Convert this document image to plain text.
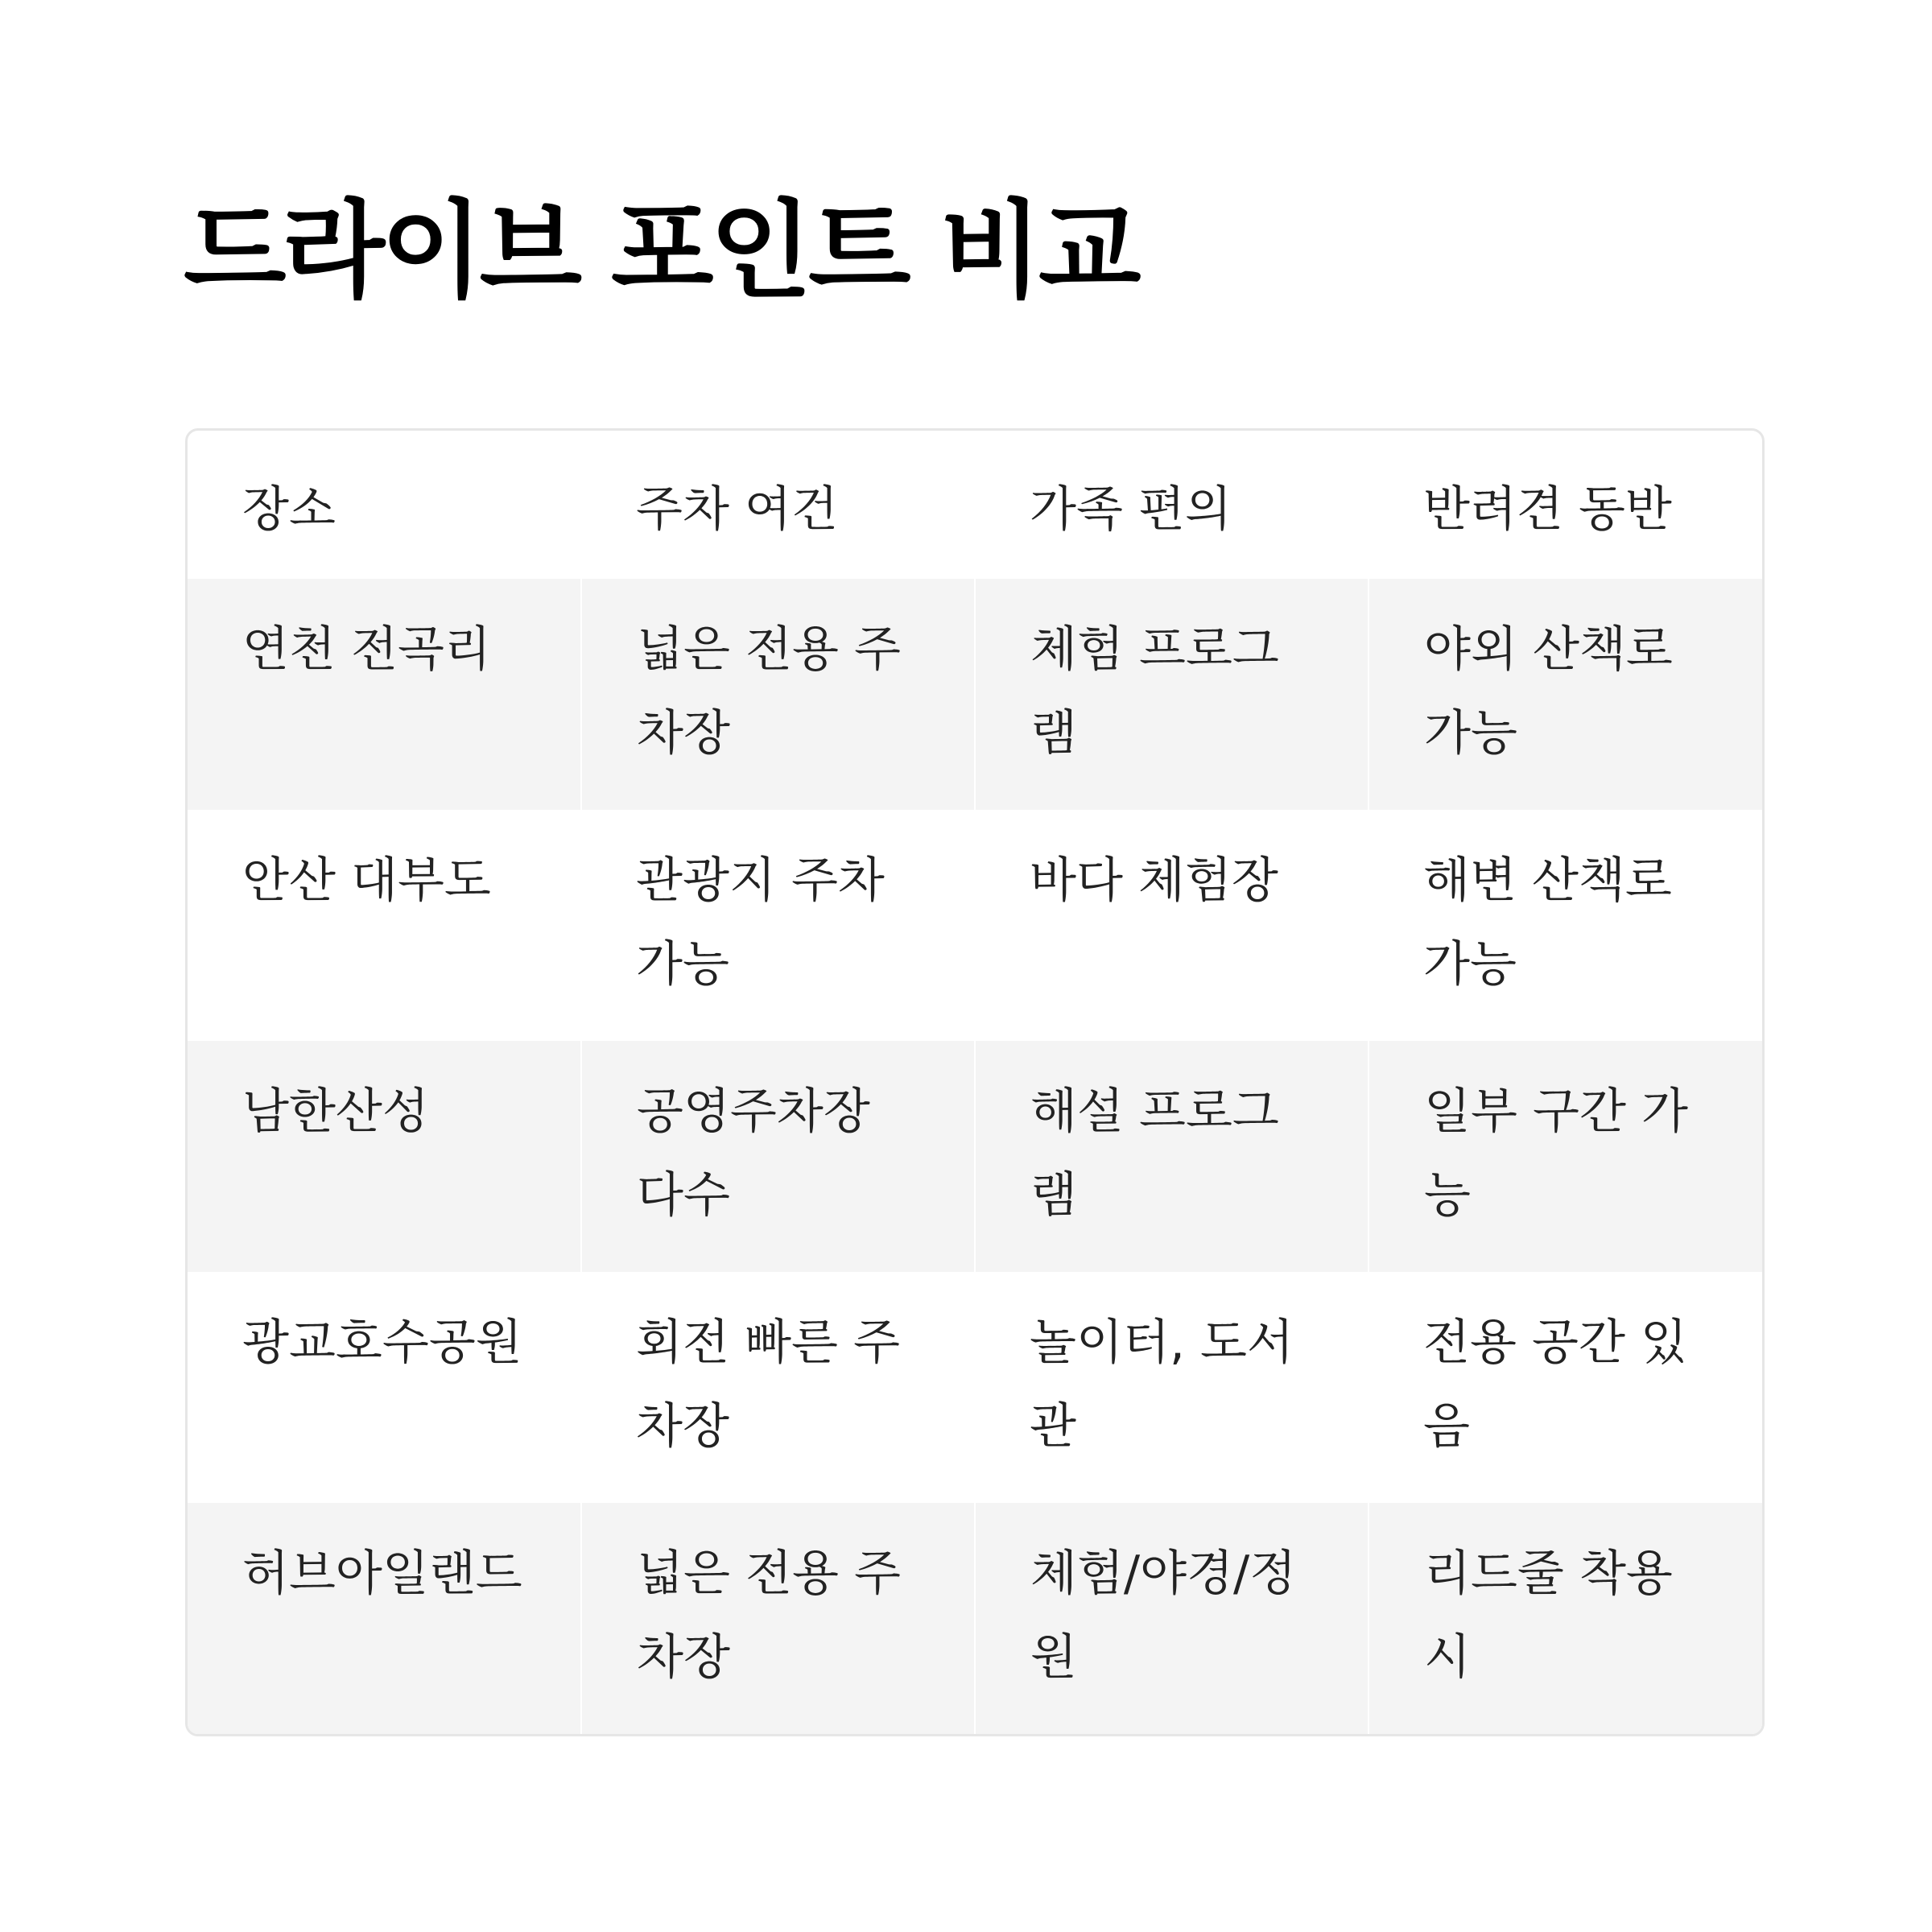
드라이브 포인트 비교
장소	주차 여건	가족 편의	반려견 동반
연천 전곡리	넓은 전용 주차장	체험 프로그램	야외 산책로 가능
안산 대부도	관광지 주차 가능	바다 체험장	해변 산책로 가능
남한산성	공영주차장 다수	해설 프로그램	일부 구간 가능
광교호수공원	회전 빠른 주차장	놀이터, 도서관	전용 공간 있음
허브아일랜드	넓은 전용 주차장	체험/야경/정원	리드줄 착용 시
